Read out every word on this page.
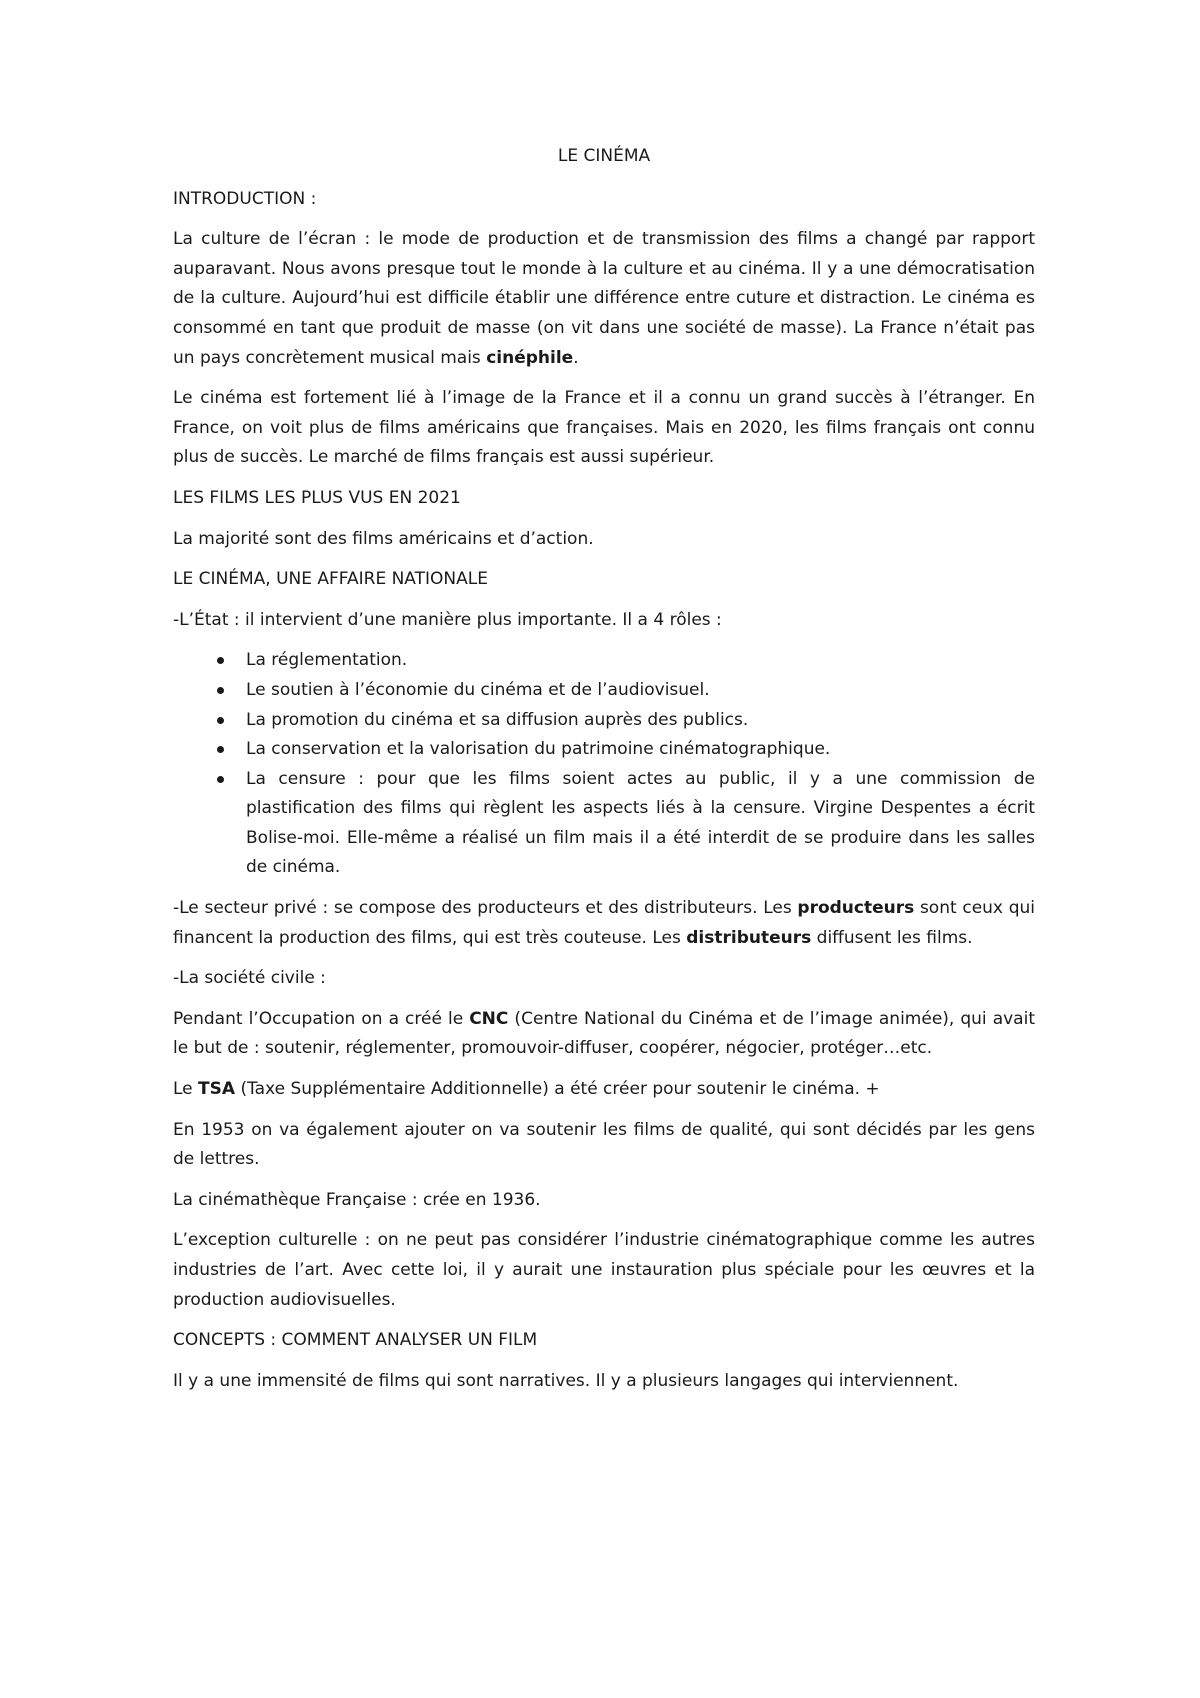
LE CINÉMA

INTRODUCTION :

La culture de l’écran : le mode de production et de transmission des films a changé par rapport auparavant. Nous avons presque tout le monde à la culture et au cinéma. Il y a une démocratisation de la culture. Aujourd’hui est difficile établir une différence entre cuture et distraction. Le cinéma es consommé en tant que produit de masse (on vit dans une société de masse). La France n’était pas un pays concrètement musical mais cinéphile.

Le cinéma est fortement lié à l’image de la France et il a connu un grand succès à l’étranger. En France, on voit plus de films américains que françaises. Mais en 2020, les films français ont connu plus de succès. Le marché de films français est aussi supérieur.

LES FILMS LES PLUS VUS EN 2021

La majorité sont des films américains et d’action.

LE CINÉMA, UNE AFFAIRE NATIONALE

-L’État : il intervient d’une manière plus importante. Il a 4 rôles :

La réglementation.
Le soutien à l’économie du cinéma et de l’audiovisuel.
La promotion du cinéma et sa diffusion auprès des publics.
La conservation et la valorisation du patrimoine cinématographique.
La censure : pour que les films soient actes au public, il y a une commission de plastification des films qui règlent les aspects liés à la censure. Virgine Despentes a écrit Bolise-moi. Elle-même a réalisé un film mais il a été interdit de se produire dans les salles de cinéma.

-Le secteur privé : se compose des producteurs et des distributeurs. Les producteurs sont ceux qui financent la production des films, qui est très couteuse. Les distributeurs diffusent les films.

-La société civile :

Pendant l’Occupation on a créé le CNC (Centre National du Cinéma et de l’image animée), qui avait le but de : soutenir, réglementer, promouvoir-diffuser, coopérer, négocier, protéger…etc.

Le TSA (Taxe Supplémentaire Additionnelle) a été créer pour soutenir le cinéma. +

En 1953 on va également ajouter on va soutenir les films de qualité, qui sont décidés par les gens de lettres.

La cinémathèque Française : crée en 1936.

L’exception culturelle : on ne peut pas considérer l’industrie cinématographique comme les autres industries de l’art. Avec cette loi, il y aurait une instauration plus spéciale pour les œuvres et la production audiovisuelles.

CONCEPTS : COMMENT ANALYSER UN FILM

Il y a une immensité de films qui sont narratives. Il y a plusieurs langages qui interviennent.
